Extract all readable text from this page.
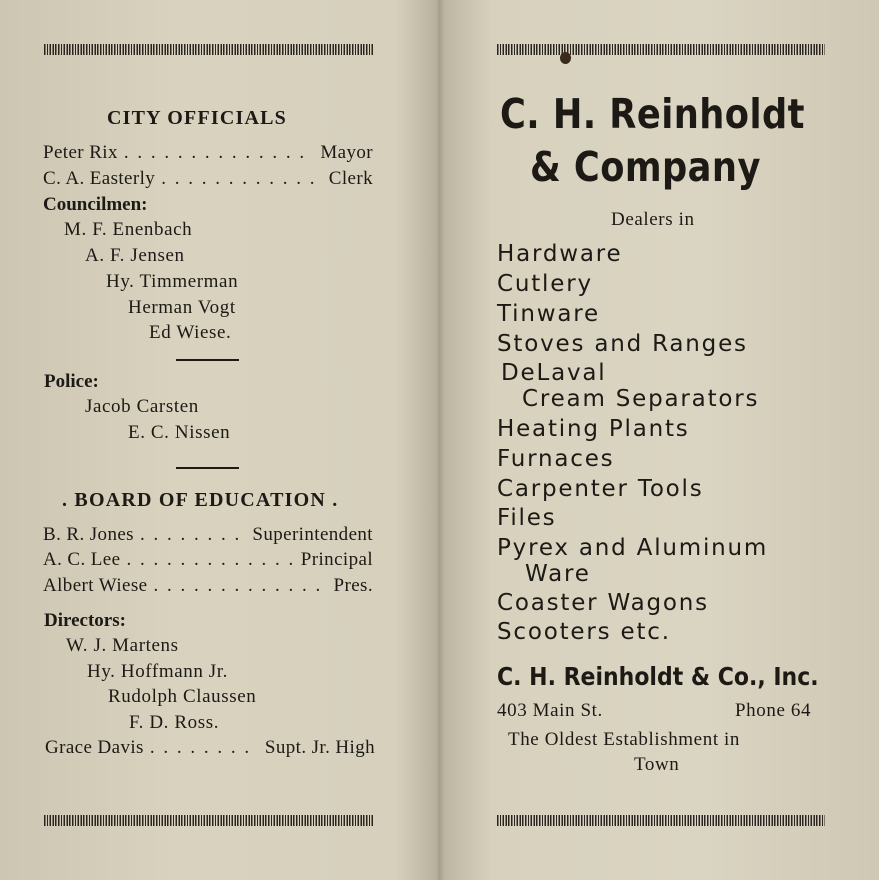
CITY OFFICIALS
Peter Rix . . .	Mayor
C. A. Easterly . . .	Clerk
Councilmen:
M. F. Enenbach
A. F. Jensen
Hy. Timmerman
Herman Vogt
Ed Wiese.
Police:
Jacob Carsten
E. C. Nissen
. BOARD OF EDUCATION .
B. R. Jones . . .	Superintendent
A. C. Lee . . .	Principal
Albert Wiese . . .	Pres.
Directors:
W. J. Martens
Hy. Hoffmann Jr.
Rudolph Claussen
F. D. Ross.
Grace Davis . . .	Supt. Jr. High
C. H. Reinholdt
& Company
Dealers in
Hardware
Cutlery
Tinware
Stoves and Ranges
DeLaval
Cream Separators
Heating Plants
Furnaces
Carpenter Tools
Files
Pyrex and Aluminum
Ware
Coaster Wagons
Scooters etc.
C. H. Reinholdt & Co., Inc.
403 Main St.	Phone 64
The Oldest Establishment in
Town
